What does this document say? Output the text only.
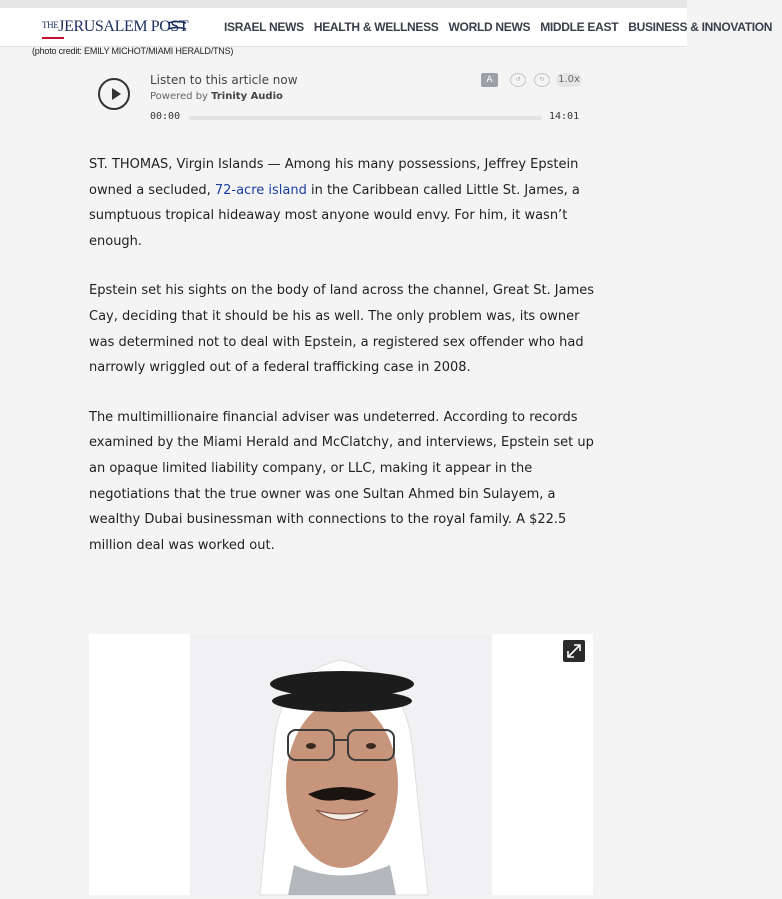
$^{THE}$JERUSALEM POST	ISRAEL NEWS HEALTH & WELLNESS WORLD NEWS MIDDLE EAST BUSINESS & INNOVATION
(photo credit: EMILY MICHOT/MIAMI HERALD/TNS)
Listen to this article now
Powered by Trinity Audio
00:00	14:01
A	↺	↻	1.0x

ST. THOMAS, Virgin Islands — Among his many possessions, Jeffrey Epstein owned a secluded, 72-acre island in the Caribbean called Little St. James, a sumptuous tropical hideaway most anyone would envy. For him, it wasn’t enough.

Epstein set his sights on the body of land across the channel, Great St. James Cay, deciding that it should be his as well. The only problem was, its owner was determined not to deal with Epstein, a registered sex offender who had narrowly wriggled out of a federal trafficking case in 2008.

The multimillionaire financial adviser was undeterred. According to records examined by the Miami Herald and McClatchy, and interviews, Epstein set up an opaque limited liability company, or LLC, making it appear in the negotiations that the true owner was one Sultan Ahmed bin Sulayem, a wealthy Dubai businessman with connections to the royal family. A $22.5 million deal was worked out.
